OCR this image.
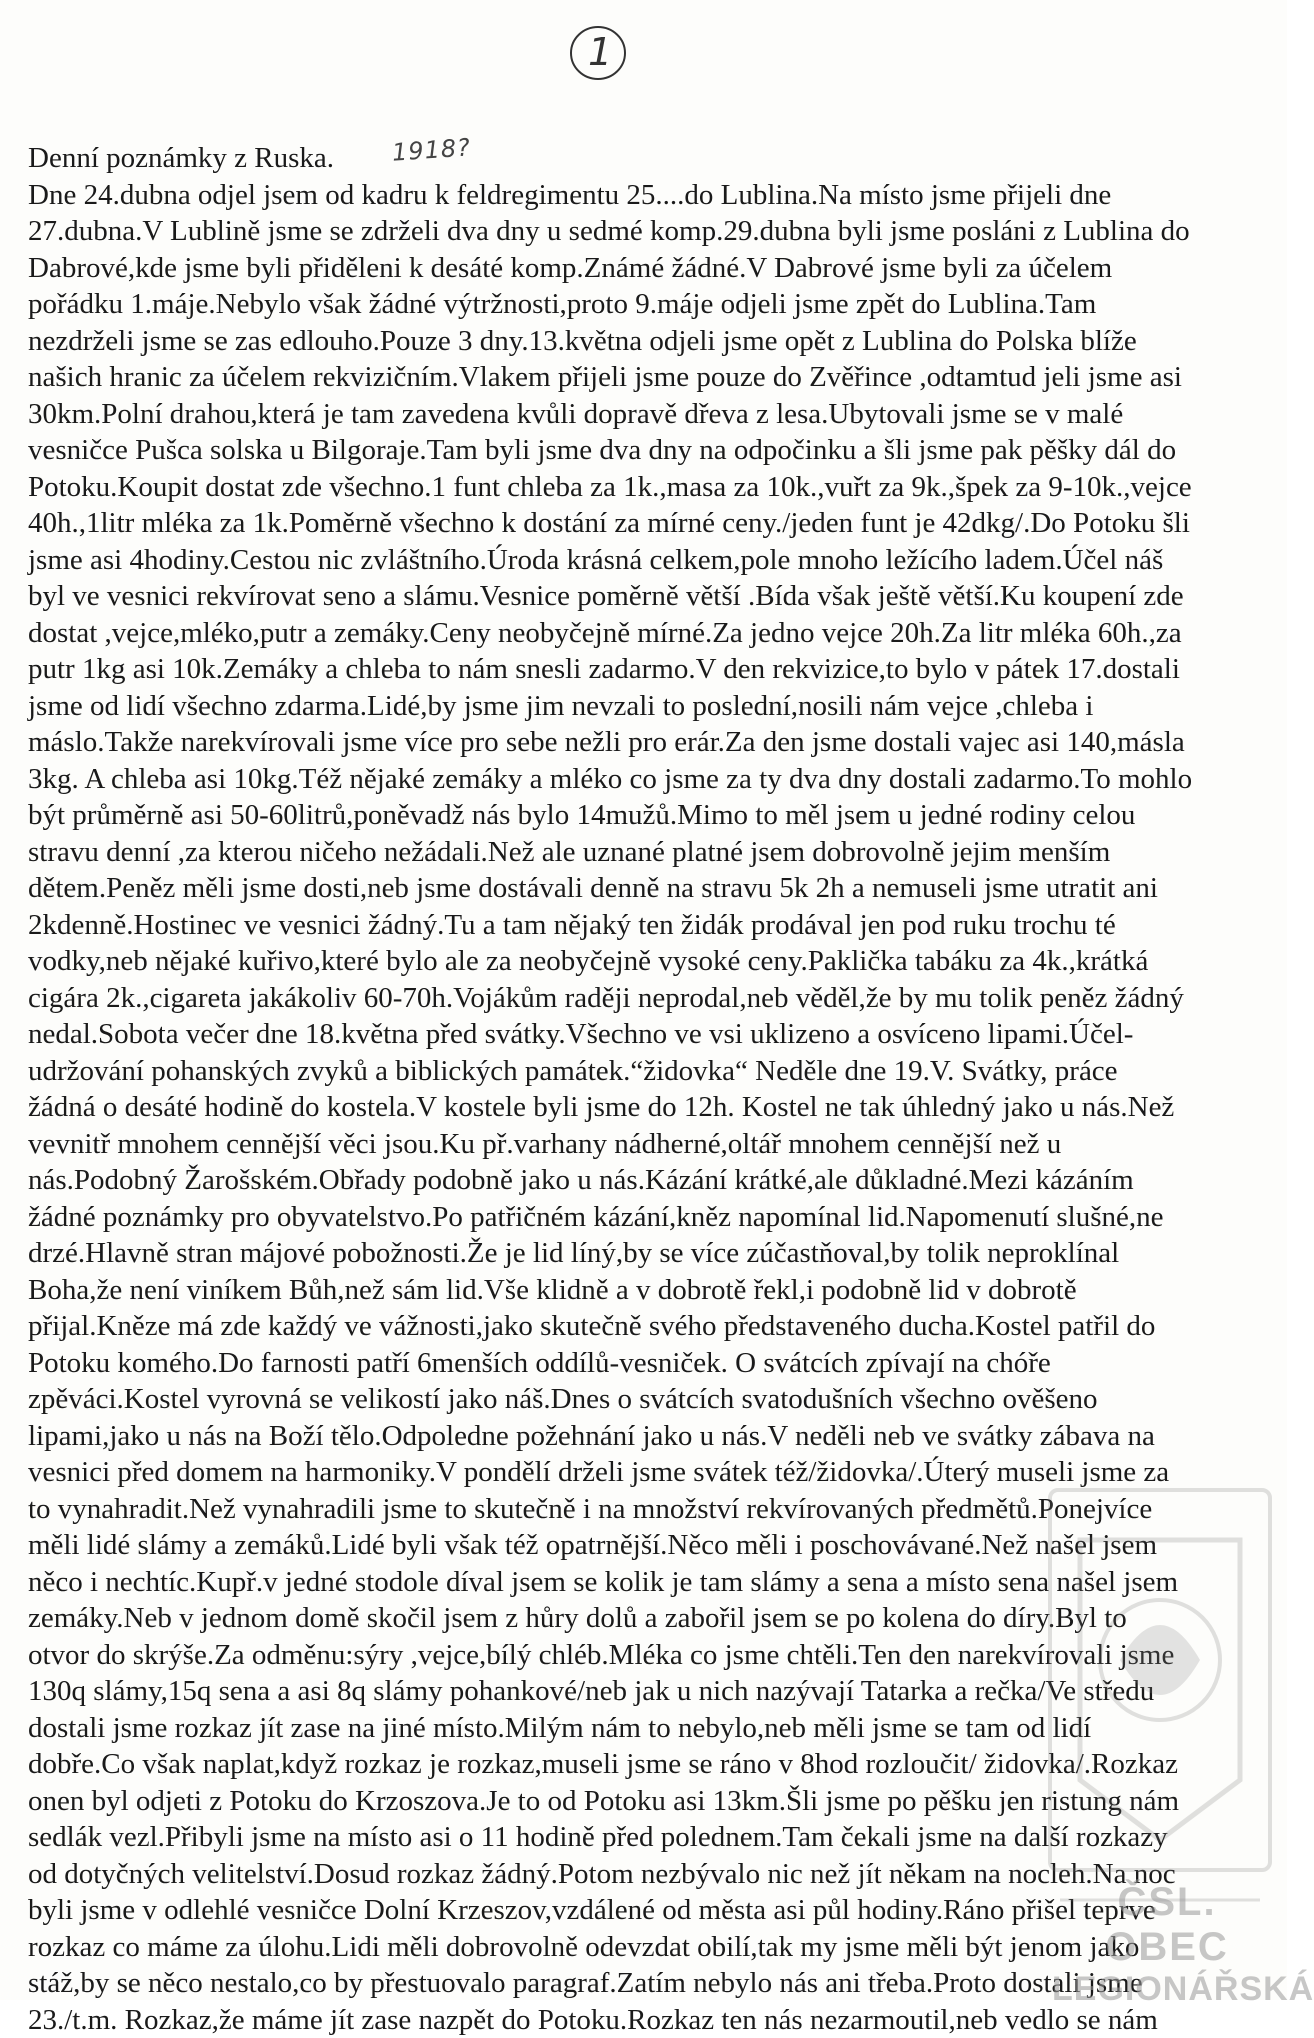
1
1918?

Denní poznámky z Ruska.

Dne 24.dubna odjel jsem od kadru k feldregimentu 25....do Lublina.Na místo jsme přijeli dne

27.dubna.V Lublině jsme se zdrželi dva dny u sedmé komp.29.dubna byli jsme posláni z Lublina do

Dabrové,kde jsme byli přiděleni k desáté komp.Známé žádné.V Dabrové jsme byli za účelem

pořádku 1.máje.Nebylo však žádné výtržnosti,proto 9.máje odjeli jsme zpět do Lublina.Tam

nezdrželi jsme se zas edlouho.Pouze 3 dny.13.května odjeli jsme opět z Lublina do Polska blíže

našich hranic za účelem rekvizičním.Vlakem přijeli jsme pouze do Zvěřince ,odtamtud jeli jsme asi

30km.Polní drahou,která je tam zavedena kvůli dopravě dřeva z lesa.Ubytovali jsme se v malé

vesničce Pušca solska u Bilgoraje.Tam byli jsme dva dny na odpočinku a šli jsme pak pěšky dál do

Potoku.Koupit dostat zde všechno.1 funt chleba za 1k.,masa za 10k.,vuřt za 9k.,špek za 9-10k.,vejce

40h.,1litr mléka za 1k.Poměrně všechno k dostání za mírné ceny./jeden funt je 42dkg/.Do Potoku šli

jsme asi 4hodiny.Cestou nic zvláštního.Úroda krásná celkem,pole mnoho ležícího ladem.Účel náš

byl ve vesnici rekvírovat seno a slámu.Vesnice poměrně větší .Bída však ještě větší.Ku koupení zde

dostat ,vejce,mléko,putr a zemáky.Ceny neobyčejně mírné.Za jedno vejce 20h.Za litr mléka 60h.,za

putr 1kg asi 10k.Zemáky a chleba to nám snesli zadarmo.V den rekvizice,to bylo v pátek 17.dostali

jsme od lidí všechno zdarma.Lidé,by jsme jim nevzali to poslední,nosili nám vejce ,chleba i

máslo.Takže narekvírovali jsme více pro sebe nežli pro erár.Za den jsme dostali vajec asi 140,másla

3kg. A chleba asi 10kg.Též nějaké zemáky a mléko co jsme za ty dva dny dostali zadarmo.To mohlo

být průměrně asi 50-60litrů,poněvadž nás bylo 14mužů.Mimo to měl jsem u jedné rodiny celou

stravu denní ,za kterou ničeho nežádali.Než ale uznané platné jsem dobrovolně jejim menším

dětem.Peněz měli jsme dosti,neb jsme dostávali denně na stravu 5k 2h a nemuseli jsme utratit ani

2kdenně.Hostinec ve vesnici žádný.Tu a tam nějaký ten židák prodával jen pod ruku trochu té

vodky,neb nějaké kuřivo,které bylo ale za neobyčejně vysoké ceny.Paklička tabáku za 4k.,krátká

cigára 2k.,cigareta jakákoliv 60-70h.Vojákům raději neprodal,neb věděl,že by mu tolik peněz žádný

nedal.Sobota večer dne 18.května před svátky.Všechno ve vsi uklizeno a osvíceno lipami.Účel-

udržování pohanských zvyků a biblických památek.“židovka“ Neděle dne 19.V. Svátky, práce

žádná o desáté hodině do kostela.V kostele byli jsme do 12h. Kostel ne tak úhledný jako u nás.Než

vevnitř mnohem cennější věci jsou.Ku př.varhany nádherné,oltář mnohem cennější než u

nás.Podobný Žarošském.Obřady podobně jako u nás.Kázání krátké,ale důkladné.Mezi kázáním

žádné poznámky pro obyvatelstvo.Po patřičném kázání,kněz napomínal lid.Napomenutí slušné,ne

drzé.Hlavně stran májové pobožnosti.Že je lid líný,by se více zúčastňoval,by tolik neproklínal

Boha,že není viníkem Bůh,než sám lid.Vše klidně a v dobrotě řekl,i podobně lid v dobrotě

přijal.Kněze má zde každý ve vážnosti,jako skutečně svého představeného ducha.Kostel patřil do

Potoku komého.Do farnosti patří 6menších oddílů-vesniček. O svátcích zpívají na chóře

zpěváci.Kostel vyrovná se velikostí jako náš.Dnes o svátcích svatodušních všechno ověšeno

lipami,jako u nás na Boží tělo.Odpoledne požehnání jako u nás.V neděli neb ve svátky zábava na

vesnici před domem na harmoniky.V pondělí drželi jsme svátek též/židovka/.Úterý museli jsme za

to vynahradit.Než vynahradili jsme to skutečně i na množství rekvírovaných předmětů.Ponejvíce

měli lidé slámy a zemáků.Lidé byli však též opatrnější.Něco měli i poschovávané.Než našel jsem

něco i nechtíc.Kupř.v jedné stodole díval jsem se kolik je tam slámy a sena a místo sena našel jsem

zemáky.Neb v jednom domě skočil jsem z hůry dolů a zabořil jsem se po kolena do díry.Byl to

otvor do skrýše.Za odměnu:sýry ,vejce,bílý chléb.Mléka co jsme chtěli.Ten den narekvírovali jsme

130q slámy,15q sena a asi 8q slámy pohankové/neb jak u nich nazývají Tatarka a rečka/Ve středu

dostali jsme rozkaz jít zase na jiné místo.Milým nám to nebylo,neb měli jsme se tam od lidí

dobře.Co však naplat,když rozkaz je rozkaz,museli jsme se ráno v 8hod rozloučit/ židovka/.Rozkaz

onen byl odjeti z Potoku do Krzoszova.Je to od Potoku asi 13km.Šli jsme po pěšku jen ristung nám

sedlák vezl.Přibyli jsme na místo asi o 11 hodině před polednem.Tam čekali jsme na další rozkazy

od dotyčných velitelství.Dosud rozkaz žádný.Potom nezbývalo nic než jít někam na nocleh.Na noc

byli jsme v odlehlé vesničce Dolní Krzeszov,vzdálené od města asi půl hodiny.Ráno přišel teprve

rozkaz co máme za úlohu.Lidi měli dobrovolně odevzdat obilí,tak my jsme měli být jenom jako

stáž,by se něco nestalo,co by přestuovalo paragraf.Zatím nebylo nás ani třeba.Proto dostali jsme

23./t.m. Rozkaz,že máme jít zase nazpět do Potoku.Rozkaz ten nás nezarmoutil,neb vedlo se nám

ČSL. OBEC
LEGIONÁŘSKÁ
